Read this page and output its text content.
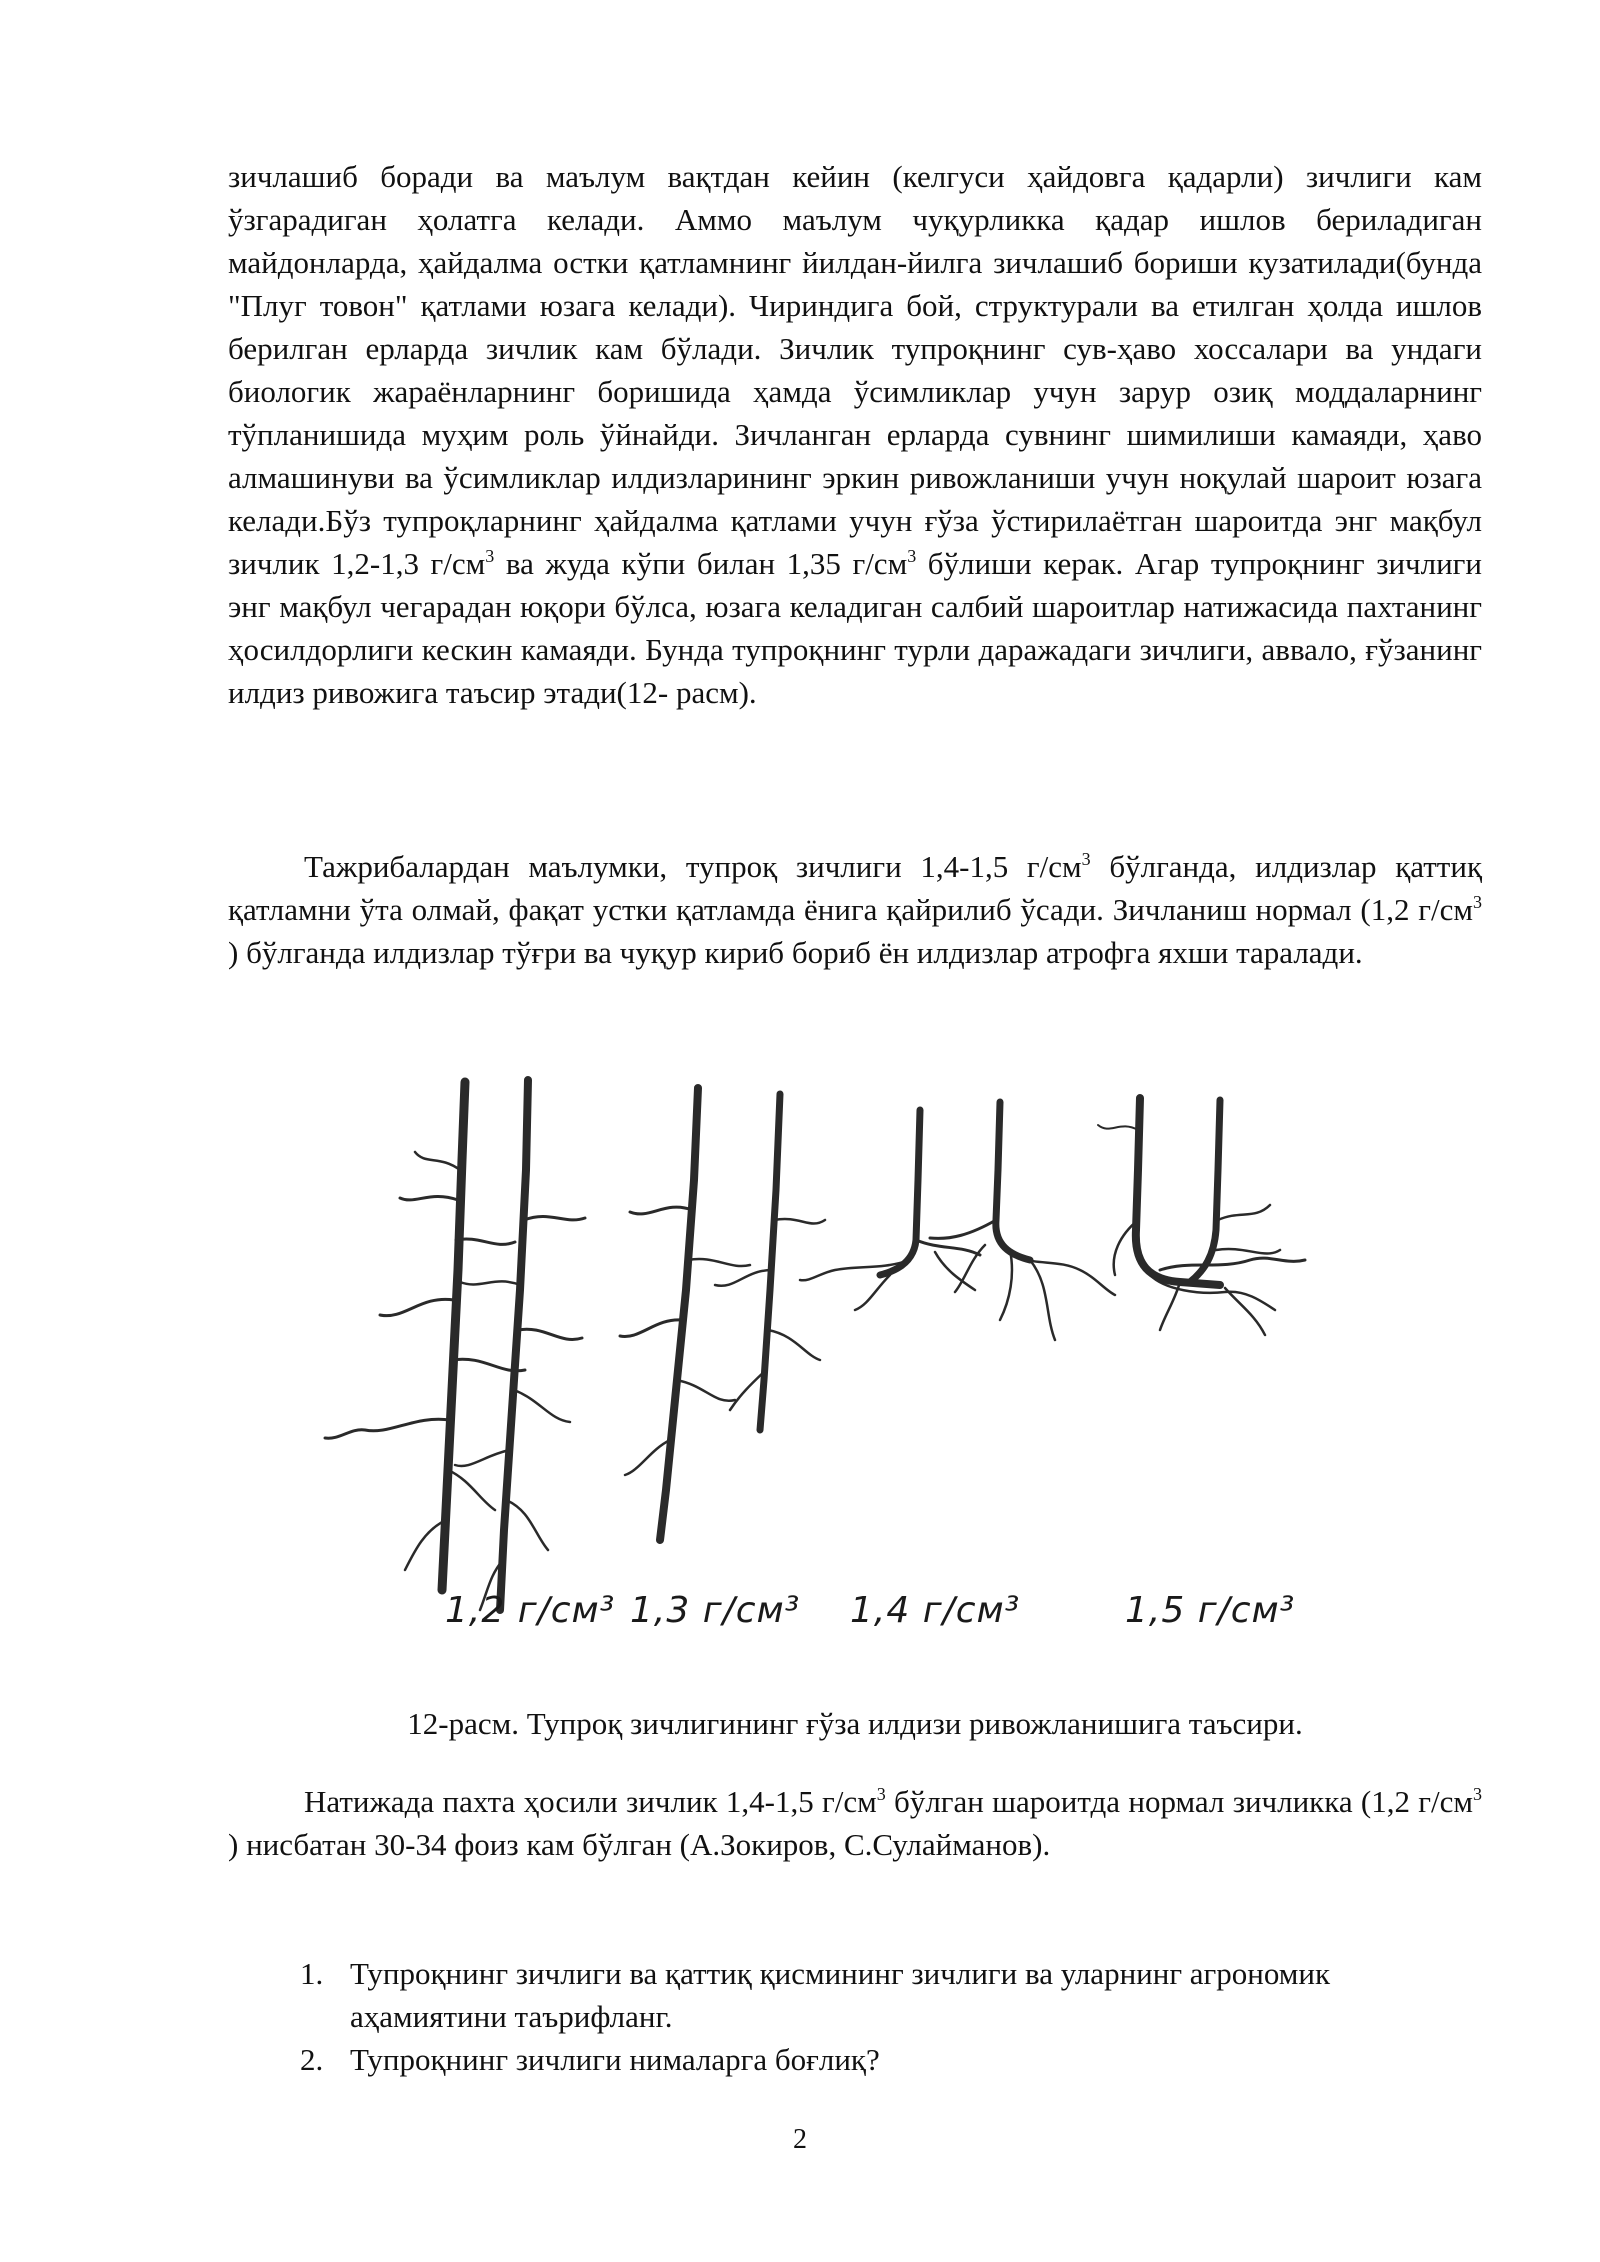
зичлашиб боради ва маълум вақтдан кейин (келгуси ҳайдовга қадарли) зичлиги кам ўзгарадиган ҳолатга келади. Аммо маълум чуқурликка қадар ишлов бериладиган майдонларда, ҳайдалма остки қатламнинг йилдан-йилга зичлашиб бориши кузатилади(бунда "Плуг товон" қатлами юзага келади). Чириндига бой, структурали ва етилган ҳолда ишлов берилган ерларда зичлик кам бўлади. Зичлик тупроқнинг сув-ҳаво хоссалари ва ундаги биологик жараёнларнинг боришида ҳамда ўсимликлар учун зарур озиқ моддаларнинг тўпланишида муҳим роль ўйнайди. Зичланган ерларда сувнинг шимилиши камаяди, ҳаво алмашинуви ва ўсимликлар илдизларининг эркин ривожланиши учун ноқулай шароит юзага келади.Бўз тупроқларнинг ҳайдалма қатлами учун ғўза ўстирилаётган шароитда энг мақбул зичлик 1,2-1,3 $г/см^3$ ва жуда кўпи билан 1,35 $г/см^3$ бўлиши керак. Агар тупроқнинг зичлиги энг мақбул чегарадан юқори бўлса, юзага келадиган салбий шароитлар натижасида пахтанинг ҳосилдорлиги кескин камаяди. Бунда тупроқнинг турли даражадаги зичлиги, аввало, ғўзанинг илдиз ривожига таъсир этади(12- расм).

Тажрибалардан маълумки, тупроқ зичлиги 1,4-1,5 $г/см^3$ бўлганда, илдизлар қаттиқ қатламни ўта олмай, фақат устки қатламда ёнига қайрилиб ўсади. Зичланиш нормал (1,2 $г/см^3$ ) бўлганда илдизлар тўғри ва чуқур кириб бориб ён илдизлар атрофга яхши таралади.

1,2 г/см³ 1,3 г/см³ 1,4 г/см³	1,5 г/см³
12-расм. Тупроқ зичлигининг ғўза илдизи ривожланишига таъсири.

Натижада пахта ҳосили зичлик 1,4-1,5 $г/см^3$ бўлган шароитда нормал зичликка (1,2 $г/см^3$ ) нисбатан 30-34 фоиз кам бўлган (А.Зокиров, С.Сулайманов).

1. Тупроқнинг зичлиги ва қаттиқ қисмининг зичлиги ва уларнинг агрономик аҳамиятини таърифланг.
2. Тупроқнинг зичлиги нималарга боғлиқ?
2
